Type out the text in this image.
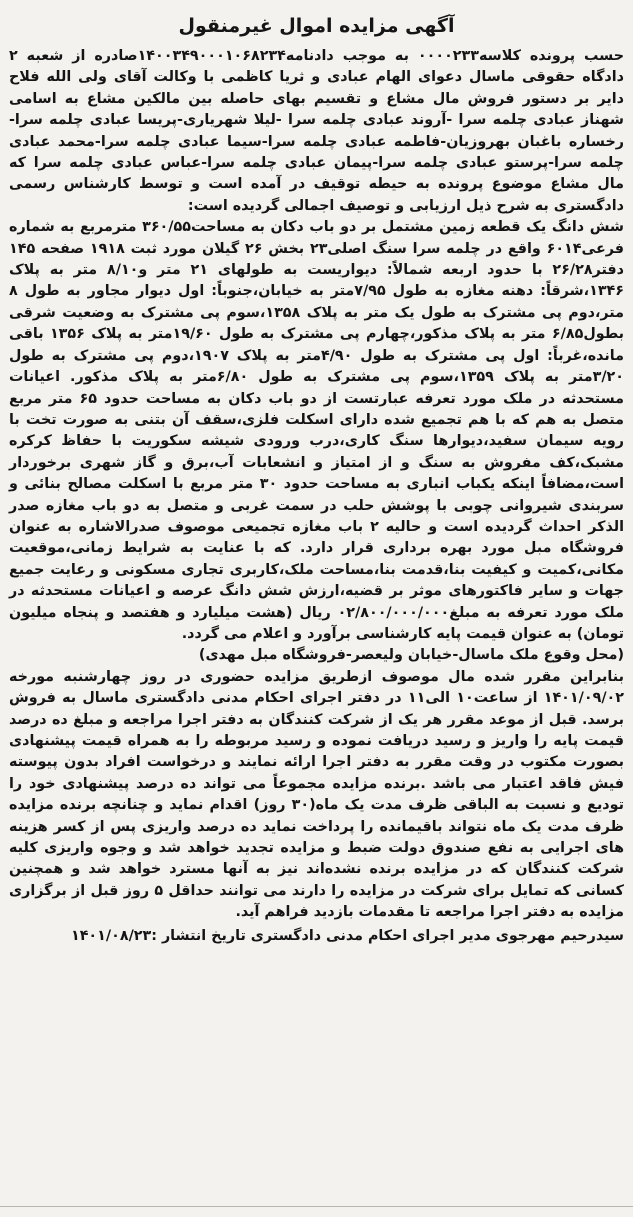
آگهی مزایده اموال غیرمنقول

حسب پرونده کلاسه۰۰۰۰۲۳۳ به موجب دادنامه۱۴۰۰۳۴۹۰۰۰۱۰۶۸۲۳۴صادره از شعبه ۲ دادگاه حقوقی ماسال دعوای الهام عبادی و ثریا کاظمی با وکالت آقای ولی الله فلاح دایر بر دستور فروش مال مشاع و تقسیم بهای حاصله بین مالکین مشاع به اسامی شهناز عبادی چلمه سرا -آروند عبادی چلمه سرا -لیلا شهریاری-پریسا عبادی چلمه سرا-رخساره باغبان بهروزیان-فاطمه عبادی چلمه سرا-سیما عبادی چلمه سرا-محمد عبادی چلمه سرا-پرستو عبادی چلمه سرا-پیمان عبادی چلمه سرا-عباس عبادی چلمه سرا که مال مشاع موضوع پرونده به حیطه توقیف در آمده است و توسط کارشناس رسمی دادگستری به شرح ذیل ارزیابی و توصیف اجمالی گردیده است:

شش دانگ یک قطعه زمین مشتمل بر دو باب دکان به مساحت۳۶۰/۵۵ مترمربع به شماره فرعی۶۰۱۴ واقع در چلمه سرا سنگ اصلی۲۳ بخش ۲۶ گیلان مورد ثبت ۱۹۱۸ صفحه ۱۴۵ دفتر۲۶/۲۸ با حدود اربعه شمالاً: دیواریست به طولهای ۲۱ متر و۸/۱۰ متر به پلاک ۱۳۴۶،شرقاً: دهنه مغازه به طول ۷/۹۵متر به خیابان،جنوباً: اول دیوار مجاور به طول ۸ متر،دوم پی مشترک به طول یک متر به پلاک ۱۳۵۸،سوم پی مشترک به وضعیت شرقی بطول۶/۸۵ متر به پلاک مذکور،چهارم پی مشترک به طول ۱۹/۶۰متر به پلاک ۱۳۵۶ باقی مانده،غرباً: اول پی مشترک به طول ۴/۹۰متر به پلاک ۱۹۰۷،دوم پی مشترک به طول ۳/۲۰متر به پلاک ۱۳۵۹،سوم پی مشترک به طول ۶/۸۰متر به پلاک مذکور. اعیانات مستحدثه در ملک مورد تعرفه عبارتست از دو باب دکان به مساحت حدود ۶۵ متر مربع متصل به هم که با هم تجمیع شده دارای اسکلت فلزی،سقف آن بتنی به صورت تخت با رویه سیمان سفید،دیوارها سنگ کاری،درب ورودی شیشه سکوریت با حفاظ کرکره مشبک،کف مفروش به سنگ و از امتیاز و انشعابات آب،برق و گاز شهری برخوردار است،مضافاً اینکه یکباب انباری به مساحت حدود ۳۰ متر مربع با اسکلت مصالح بنائی و سربندی شیروانی چوبی با پوشش حلب در سمت غربی و متصل به دو باب مغازه صدر الذکر احداث گردیده است و حالیه ۲ باب مغازه تجمیعی موصوف صدرالاشاره به عنوان فروشگاه مبل مورد بهره برداری قرار دارد. که با عنایت به شرایط زمانی،موقعیت مکانی،کمیت و کیفیت بنا،قدمت بنا،مساحت ملک،کاربری تجاری مسکونی و رعایت جمیع جهات و سایر فاکتورهای موثر بر قضیه،ارزش شش دانگ عرصه و اعیانات مستحدثه در ملک مورد تعرفه به مبلغ۰۲/۸۰۰/۰۰۰/۰۰۰ ریال (هشت میلیارد و هفتصد و پنجاه میلیون تومان) به عنوان قیمت پایه کارشناسی برآورد و اعلام می گردد.

(محل وقوع ملک ماسال-خیابان ولیعصر-فروشگاه مبل مهدی)

بنابراین مقرر شده مال موصوف ازطریق مزایده حضوری در روز چهارشنبه مورخه ۱۴۰۱/۰۹/۰۲ از ساعت۱۰ الی۱۱ در دفتر اجرای احکام مدنی دادگستری ماسال به فروش برسد. قبل از موعد مقرر هر یک از شرکت کنندگان به دفتر اجرا مراجعه و مبلغ ده درصد قیمت پایه را واریز و رسید دریافت نموده و رسید مربوطه را به همراه قیمت پیشنهادی بصورت مکتوب در وقت مقرر به دفتر اجرا ارائه نمایند و درخواست افراد بدون پیوسته فیش فاقد اعتبار می باشد .برنده مزایده مجموعاً می تواند ده درصد پیشنهادی خود را تودیع و نسبت به الباقی ظرف مدت یک ماه(۳۰ روز) اقدام نماید و چنانچه برنده مزایده ظرف مدت یک ماه نتواند باقیمانده را پرداخت نماید ده درصد واریزی پس از کسر هزینه های اجرایی به نفع صندوق دولت ضبط و مزایده تجدید خواهد شد و وجوه واریزی کلیه شرکت کنندگان که در مزایده برنده نشده‌اند نیز به آنها مسترد خواهد شد و همچنین کسانی که تمایل برای شرکت در مزایده را دارند می توانند حداقل ۵ روز قبل از برگزاری مزایده به دفتر اجرا مراجعه تا مقدمات بازدید فراهم آید.

سیدرحیم مهرجوی مدیر اجرای احکام مدنی دادگستری تاریخ انتشار :۱۴۰۱/۰۸/۲۳
